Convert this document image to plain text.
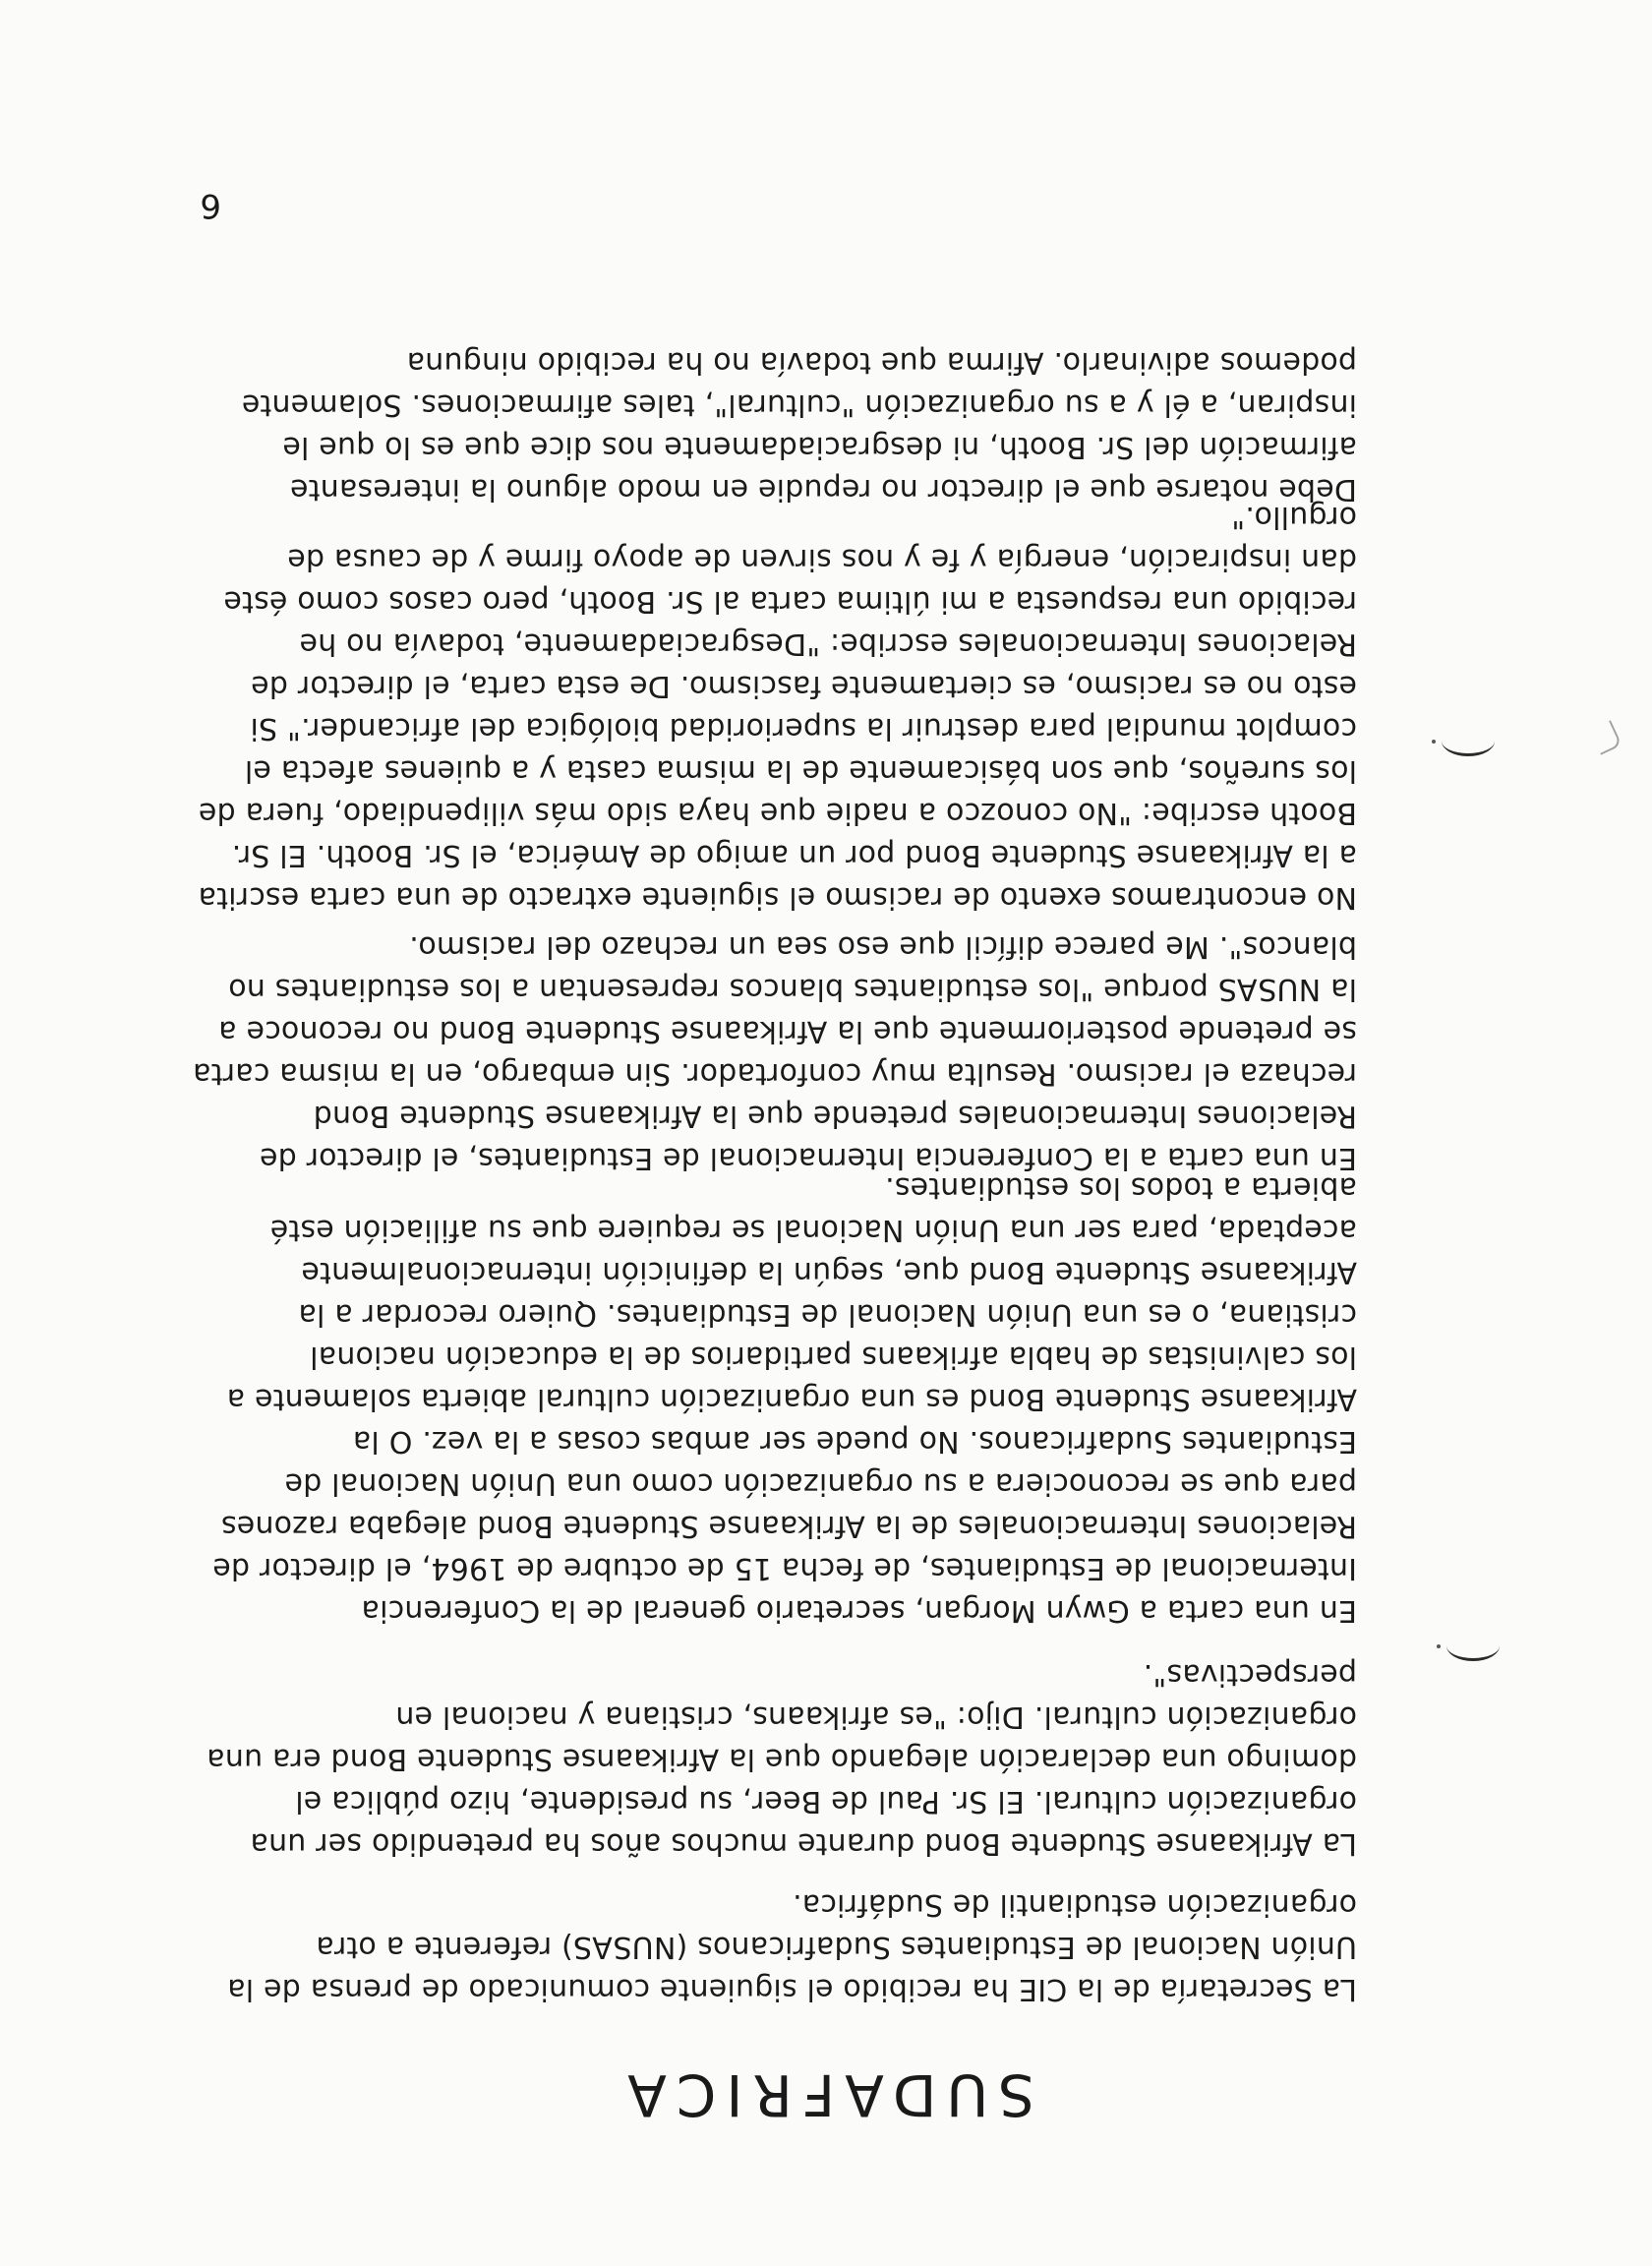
SUDAFRICA

La Secretaría de la CIE ha recibido el siguiente comunicado de prensa de la Unión Nacional de Estudiantes Sudafricanos (NUSAS) referente a otra organización estudiantil de Sudáfrica.

La Afrikaanse Studente Bond durante muchos años ha pretendido ser una organización cultural. El Sr. Paul de Beer, su presidente, hizo pública el domingo una declaración alegando que la Afrikaanse Studente Bond era una organización cultural. Dijo: "es afrikaans, cristiana y nacional en perspectivas".

En una carta a Gwyn Morgan, secretario general de la Conferencia Internacional de Estudiantes, de fecha 15 de octubre de 1964, el director de Relaciones Internacionales de la Afrikaanse Studente Bond alegaba razones para que se reconociera a su organización como una Unión Nacional de Estudiantes Sudafricanos. No puede ser ambas cosas a la vez. O la Afrikaanse Studente Bond es una organización cultural abierta solamente a los calvinistas de habla afrikaans partidarios de la educación nacional cristiana, o es una Unión Nacional de Estudiantes. Quiero recordar a la Afrikaanse Studente Bond que, según la definición internacionalmente aceptada, para ser una Unión Nacional se requiere que su afiliación esté abierta a todos los estudiantes.

En una carta a la Conferencia Internacional de Estudiantes, el director de Relaciones Internacionales pretende que la Afrikaanse Studente Bond rechaza el racismo. Resulta muy confortador. Sin embargo, en la misma carta se pretende posteriormente que la Afrikaanse Studente Bond no reconoce a la NUSAS porque "los estudiantes blancos representan a los estudiantes no blancos". Me parece difícil que eso sea un rechazo del racismo.

No encontramos exento de racismo el siguiente extracto de una carta escrita a la Afrikaanse Studente Bond por un amigo de América, el Sr. Booth. El Sr. Booth escribe: "No conozco a nadie que haya sido más vilipendiado, fuera de los sureños, que son básicamente de la misma casta y a quienes afecta el complot mundial para destruir la superioridad biológica del africander." Si esto no es racismo, es ciertamente fascismo. De esta carta, el director de Relaciones Internacionales escribe: "Desgraciadamente, todavía no he recibido una respuesta a mi última carta al Sr. Booth, pero casos como éste dan inspiración, energía y fe y nos sirven de apoyo firme y de causa de orgullo."

Debe notarse que el director no repudie en modo alguno la interesante afirmación del Sr. Booth, ni desgraciadamente nos dice que es lo que le inspiran, a él y a su organización "cultural", tales afirmaciones. Solamente podemos adivinarlo. Afirma que todavía no ha recibido ninguna

6
